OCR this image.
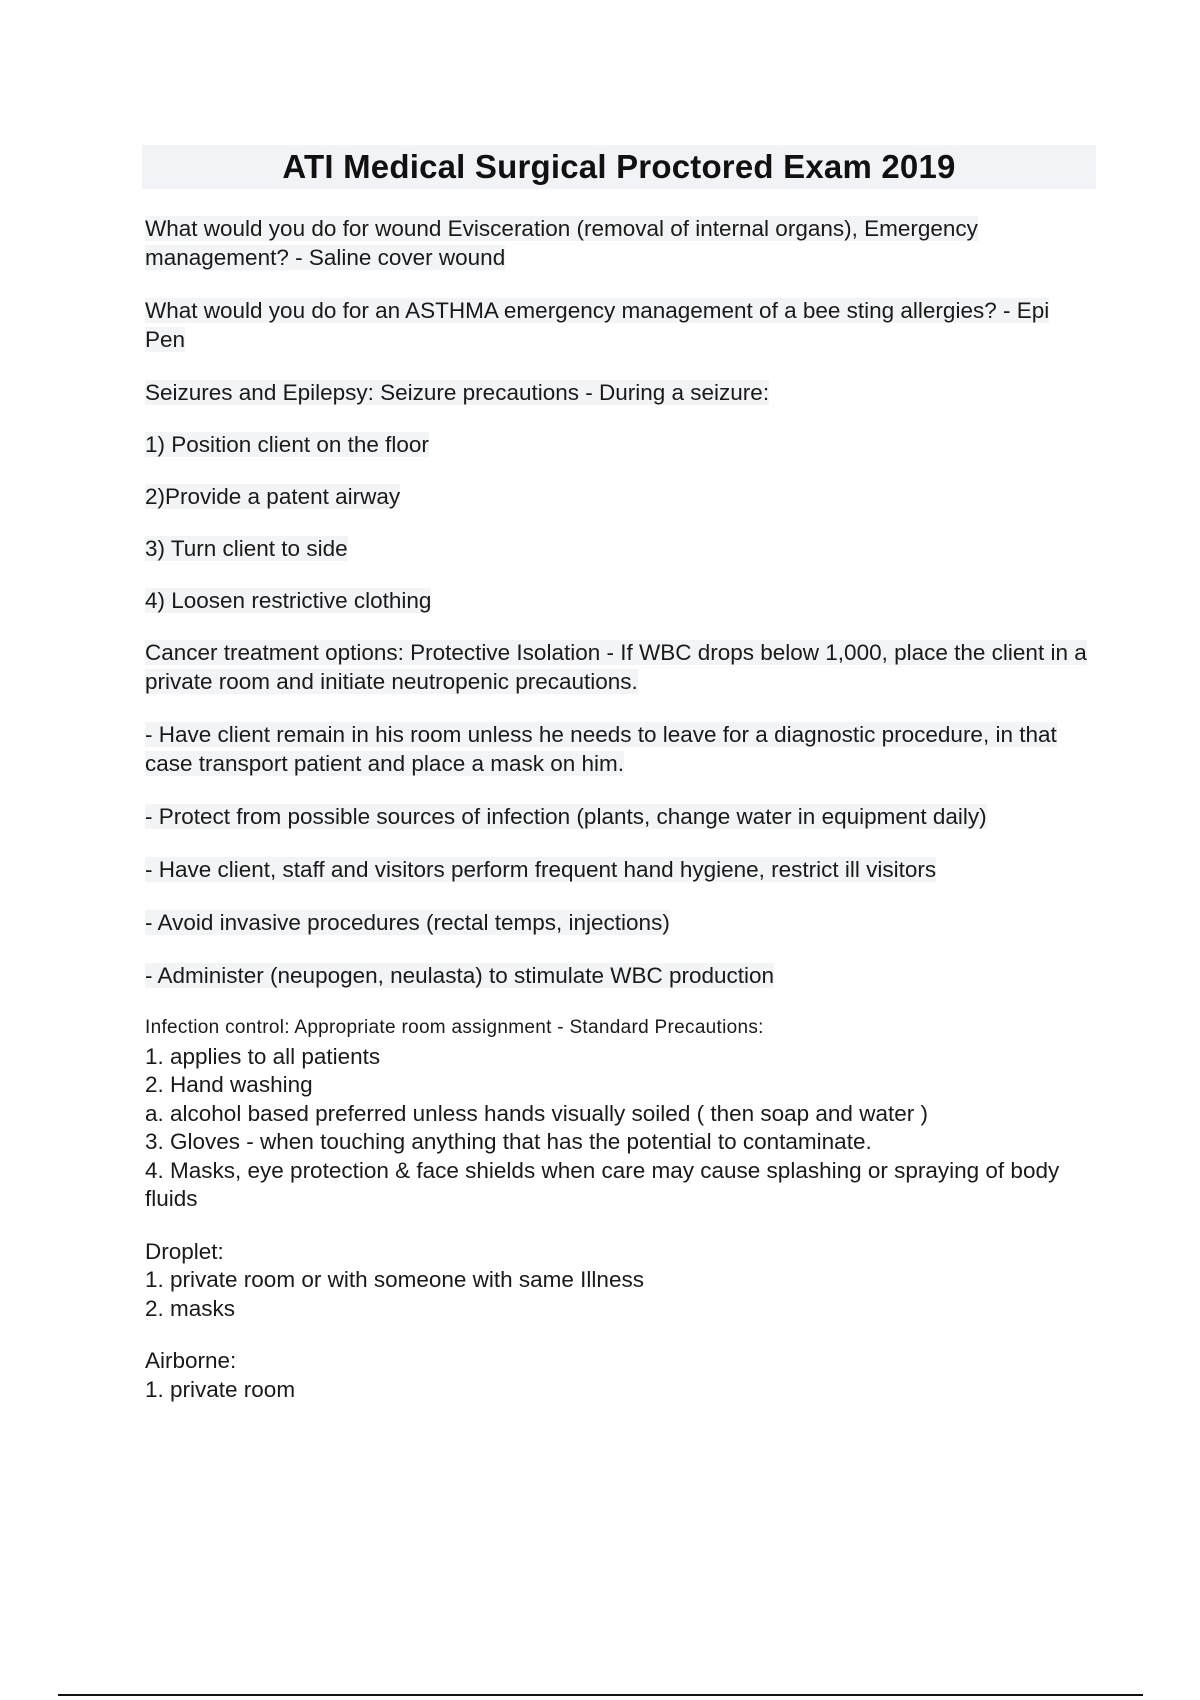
ATI Medical Surgical Proctored Exam 2019

What would you do for wound Evisceration (removal of internal organs), Emergency management? - Saline cover wound

What would you do for an ASTHMA emergency management of a bee sting allergies? - Epi Pen

Seizures and Epilepsy: Seizure precautions - During a seizure:

1) Position client on the floor

2)Provide a patent airway

3) Turn client to side

4) Loosen restrictive clothing

Cancer treatment options: Protective Isolation - If WBC drops below 1,000, place the client in a private room and initiate neutropenic precautions.

- Have client remain in his room unless he needs to leave for a diagnostic procedure, in that case transport patient and place a mask on him.

- Protect from possible sources of infection (plants, change water in equipment daily)

- Have client, staff and visitors perform frequent hand hygiene, restrict ill visitors

- Avoid invasive procedures (rectal temps, injections)

- Administer (neupogen, neulasta) to stimulate WBC production

Infection control: Appropriate room assignment - Standard Precautions:
1. applies to all patients
2. Hand washing
a. alcohol based preferred unless hands visually soiled ( then soap and water )
3. Gloves - when touching anything that has the potential to contaminate.
4. Masks, eye protection & face shields when care may cause splashing or spraying of body fluids
Droplet:
1. private room or with someone with same Illness
2. masks
Airborne:
1. private room
